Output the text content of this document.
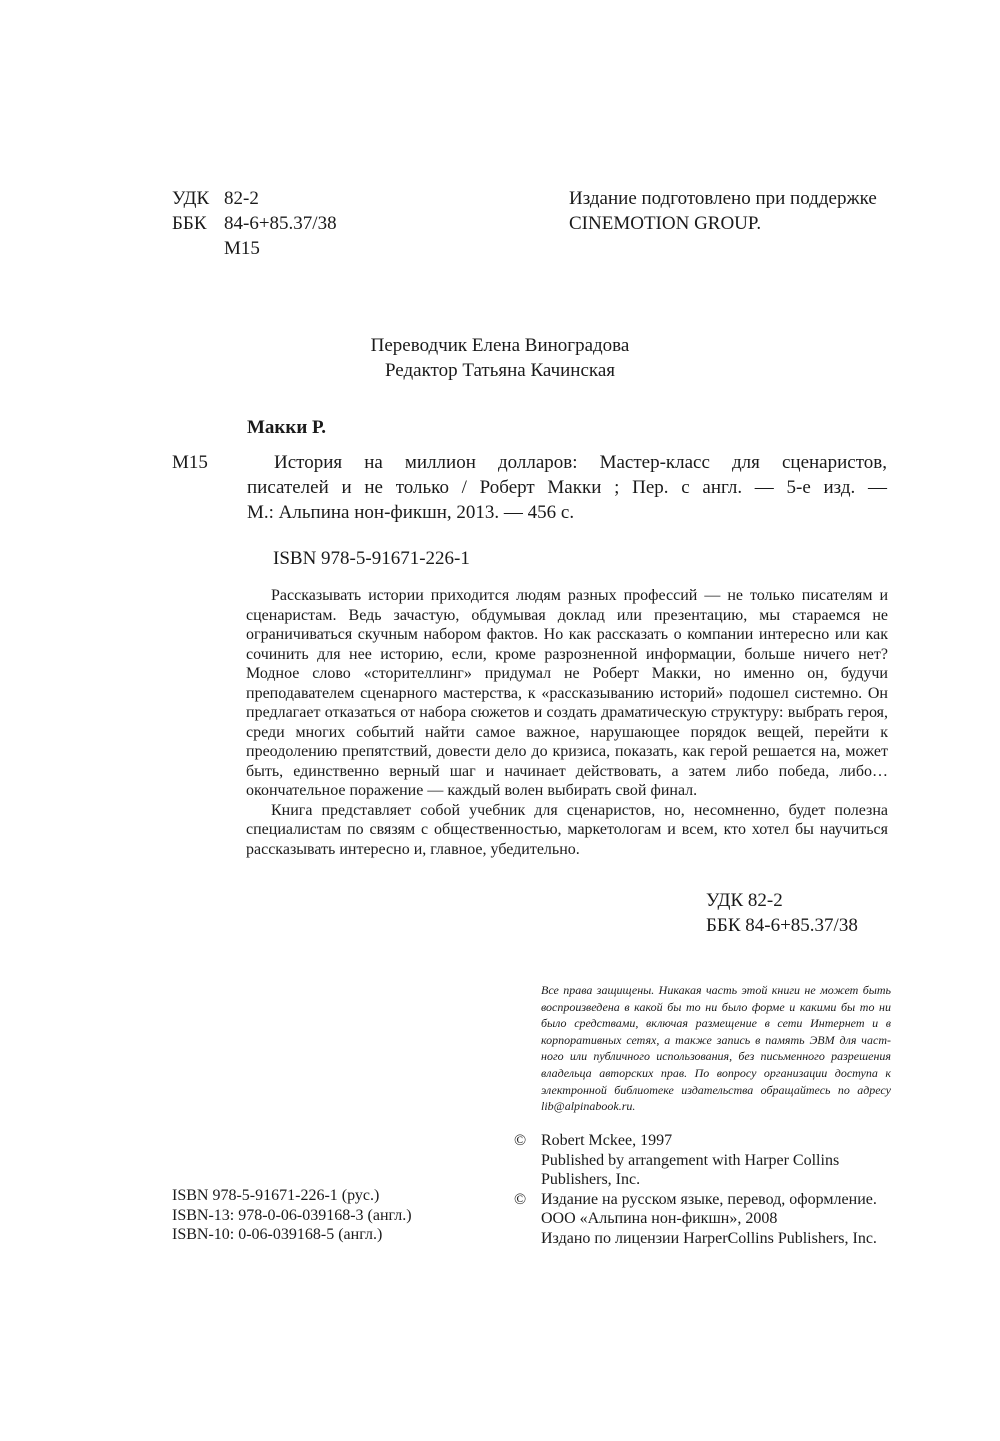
УДК 82-2
ББК 84-6+85.37/38
М15
Издание подготовлено при поддержке
CINEMOTION GROUP.
Переводчик Елена Виноградова
Редактор Татьяна Качинская
Макки Р.
М15	История на миллион долларов: Мастер-класс для сценаристов,
писателей и не только / Роберт Макки ; Пер. с англ. — 5-е изд. —
М.: Альпина нон-фикшн, 2013. — 456 с.
ISBN 978-5-91671-226-1

Рассказывать истории приходится людям разных профессий — не только писателям и сценаристам. Ведь зачастую, обдумывая доклад или презентацию, мы стараемся не ограничиваться скучным набором фактов. Но как рассказать о компании интересно или как сочинить для нее историю, если, кроме разрозненной информации, больше ничего нет? Модное слово «сторителлинг» придумал не Роберт Макки, но именно он, будучи преподавателем сценарного мастерства, к «рассказыванию историй» подошел системно. Он предлагает отказаться от набора сюжетов и создать драматическую структуру: выбрать героя, среди многих событий найти самое важное, нарушающее порядок вещей, перейти к преодолению препятствий, довести дело до кризиса, показать, как герой решается на, может быть, единственно верный шаг и начинает действовать, а затем либо победа, либо… окончательное поражение — каждый волен выбирать свой финал.

Книга представляет собой учебник для сценаристов, но, несомненно, будет полезна специалистам по связям с общественностью, маркетологам и всем, кто хотел бы научиться рассказывать интересно и, главное, убедительно.

УДК 82-2
ББК 84-6+85.37/38
Все права защищены. Никакая часть этой книги не может быть
воспроизведена в какой бы то ни было форме и какими бы то ни
было средствами, включая размещение в сети Интернет и в
корпоративных сетях, а также запись в память ЭВМ для част-
ного или публичного использования, без письменного разрешения
владельца авторских прав. По вопросу организации доступа к
электронной библиотеке издательства обращайтесь по адресу
lib@alpinabook.ru.
© Robert Mckee, 1997
Published by arrangement with Harper Collins
Publishers, Inc.
© Издание на русском языке, перевод, оформление.
ООО «Альпина нон-фикшн», 2008
Издано по лицензии HarperCollins Publishers, Inc.
ISBN 978-5-91671-226-1 (рус.)
ISBN-13: 978-0-06-039168-3 (англ.)
ISBN-10: 0-06-039168-5 (англ.)
